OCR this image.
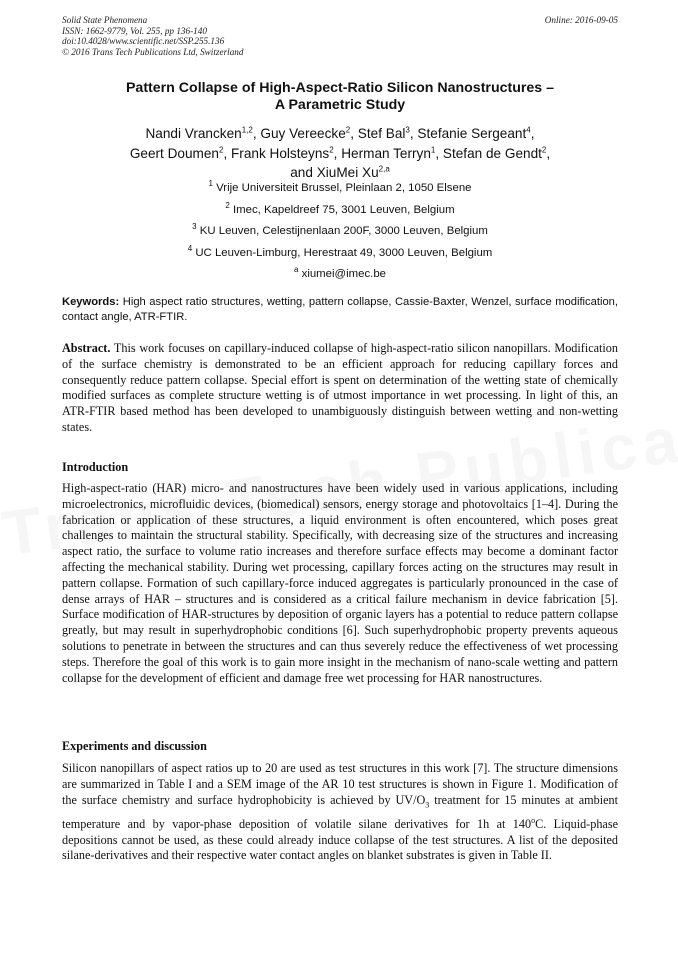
Solid State Phenomena
ISSN: 1662-9779, Vol. 255, pp 136-140
doi:10.4028/www.scientific.net/SSP.255.136
© 2016 Trans Tech Publications Ltd, Switzerland
Online: 2016-09-05
Pattern Collapse of High-Aspect-Ratio Silicon Nanostructures –
A Parametric Study
Nandi Vrancken$^{1,2}$, Guy Vereecke$^2$, Stef Bal$^3$, Stefanie Sergeant$^4$,
Geert Doumen$^2$, Frank Holsteyns$^2$, Herman Terryn$^1$, Stefan de Gendt$^2$,
and XiuMei Xu$^{2,a}$
$^1$ Vrije Universiteit Brussel, Pleinlaan 2, 1050 Elsene
$^2$ Imec, Kapeldreef 75, 3001 Leuven, Belgium
$^3$ KU Leuven, Celestijnenlaan 200F, 3000 Leuven, Belgium
$^4$ UC Leuven-Limburg, Herestraat 49, 3000 Leuven, Belgium
$^a$ xiumei@imec.be
Keywords: High aspect ratio structures, wetting, pattern collapse, Cassie-Baxter, Wenzel, surface modification, contact angle, ATR-FTIR.
Abstract. This work focuses on capillary-induced collapse of high-aspect-ratio silicon nanopillars. Modification of the surface chemistry is demonstrated to be an efficient approach for reducing capillary forces and consequently reduce pattern collapse. Special effort is spent on determination of the wetting state of chemically modified surfaces as complete structure wetting is of utmost importance in wet processing. In light of this, an ATR-FTIR based method has been developed to unambiguously distinguish between wetting and non-wetting states.
Introduction
High-aspect-ratio (HAR) micro- and nanostructures have been widely used in various applications, including microelectronics, microfluidic devices, (biomedical) sensors, energy storage and photovoltaics [1–4]. During the fabrication or application of these structures, a liquid environment is often encountered, which poses great challenges to maintain the structural stability. Specifically, with decreasing size of the structures and increasing aspect ratio, the surface to volume ratio increases and therefore surface effects may become a dominant factor affecting the mechanical stability. During wet processing, capillary forces acting on the structures may result in pattern collapse. Formation of such capillary-force induced aggregates is particularly pronounced in the case of dense arrays of HAR – structures and is considered as a critical failure mechanism in device fabrication [5]. Surface modification of HAR-structures by deposition of organic layers has a potential to reduce pattern collapse greatly, but may result in superhydrophobic conditions [6]. Such superhydrophobic property prevents aqueous solutions to penetrate in between the structures and can thus severely reduce the effectiveness of wet processing steps. Therefore the goal of this work is to gain more insight in the mechanism of nano-scale wetting and pattern collapse for the development of efficient and damage free wet processing for HAR nanostructures.
Experiments and discussion
Silicon nanopillars of aspect ratios up to 20 are used as test structures in this work [7]. The structure dimensions are summarized in Table I and a SEM image of the AR 10 test structures is shown in Figure 1. Modification of the surface chemistry and surface hydrophobicity is achieved by $UV/O_3$ treatment for 15 minutes at ambient temperature and by vapor-phase deposition of volatile silane derivatives for 1h at 140$^o$C. Liquid-phase depositions cannot be used, as these could already induce collapse of the test structures. A list of the deposited silane-derivatives and their respective water contact angles on blanket substrates is given in Table II.
